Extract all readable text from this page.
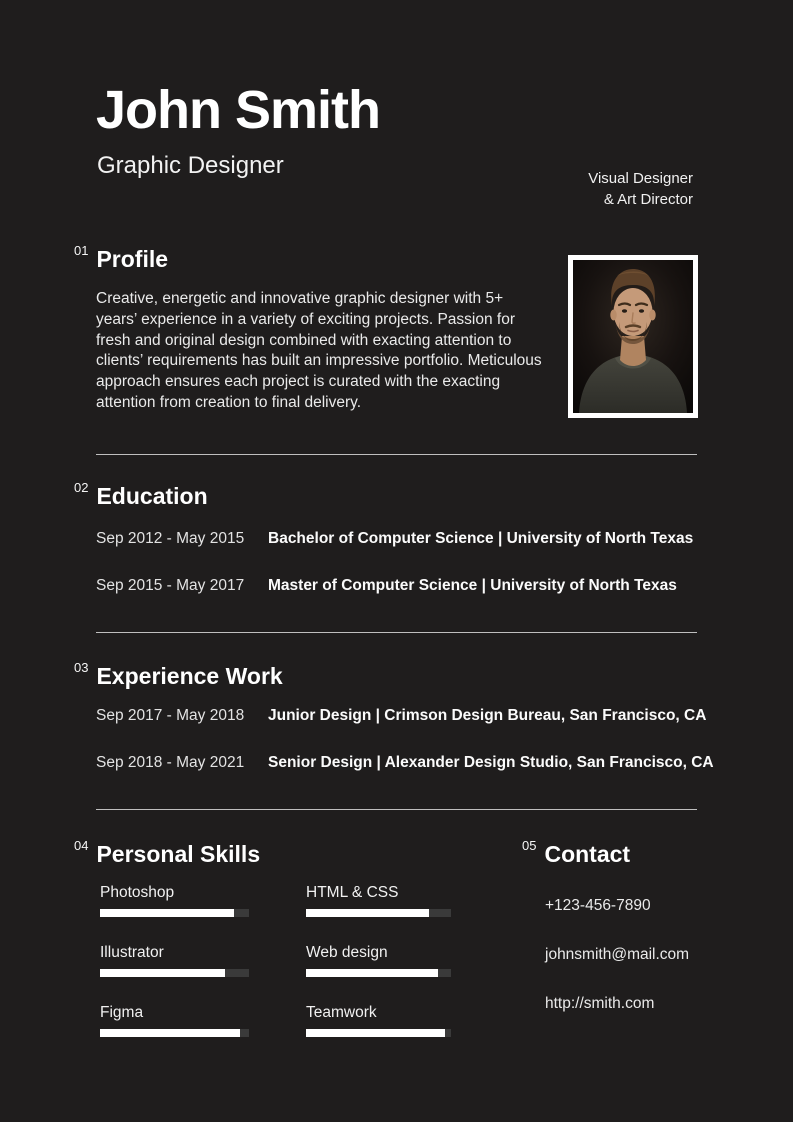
John Smith
Graphic Designer	Visual Designer
& Art Director
01 Profile

Creative, energetic and innovative graphic designer with 5+ years’ experience in a variety of exciting projects. Passion for fresh and original design combined with exacting attention to clients’ requirements has built an impressive portfolio. Meticulous approach ensures each project is curated with the exacting attention from creation to final delivery.

02 Education
Sep 2012 - May 2015	Bachelor of Computer Science | University of North Texas
Sep 2015 - May 2017	Master of Computer Science | University of North Texas
03 Experience Work
Sep 2017 - May 2018	Junior Design | Crimson Design Bureau, San Francisco, CA
Sep 2018 - May 2021	Senior Design | Alexander Design Studio, San Francisco, CA
04 Personal Skills
Photoshop
Illustrator
Figma
HTML & CSS
Web design
Teamwork
05 Contact
+123-456-7890
johnsmith@mail.com
http://smith.com
